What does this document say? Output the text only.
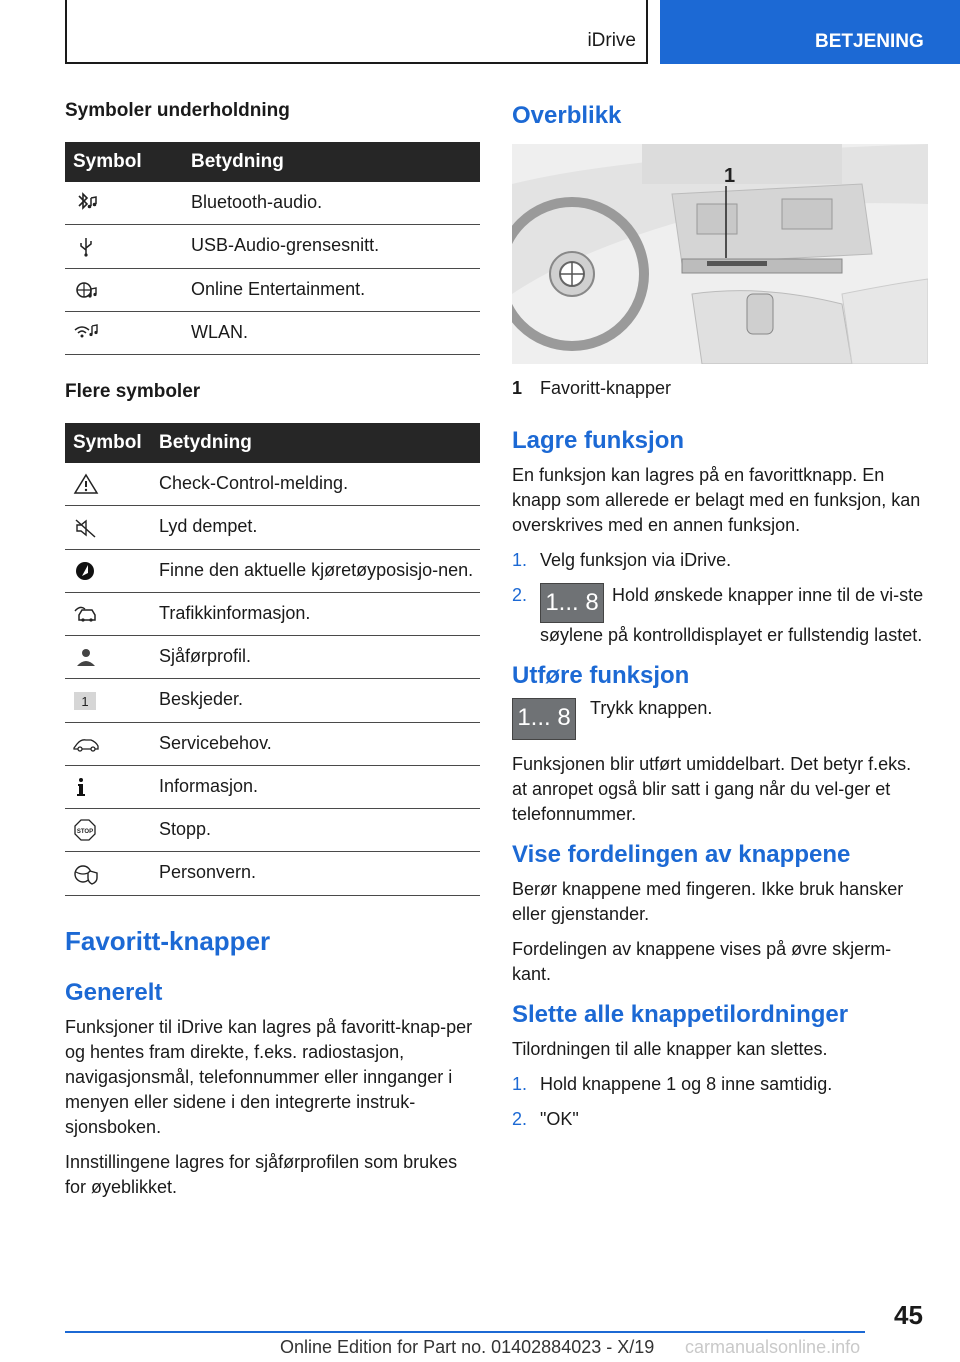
iDrive	BETJENING
Symboler underholdning
Symbol	Betydning

	Bluetooth-audio.

	USB-Audio-grensesnitt.

	Online Entertainment.

	WLAN.
Flere symboler
Symbol	Betydning

	Check-Control-melding.

	Lyd dempet.

	Finne den aktuelle kjøretøyposisjo-nen.

	Trafikkinformasjon.

	Sjåførprofil.

1	Beskjeder.

	Servicebehov.

	Informasjon.

STOP	Stopp.

	Personvern.
Favoritt-knapper
Generelt

Funksjoner til iDrive kan lagres på favoritt-knap-per og hentes fram direkte, f.eks. radiostasjon, navigasjonsmål, telefonnummer eller innganger i menyen eller sidene i den integrerte instruk-sjonsboken.

Innstillingene lagres for sjåførprofilen som brukes for øyeblikket.

Overblikk
1
1 Favoritt-knapper
Lagre funksjon

En funksjon kan lagres på en favorittknapp. En knapp som allerede er belagt med en funksjon, kan overskrives med en annen funksjon.

1. Velg funksjon via iDrive.
2. 1... 8 Hold ønskede knapper inne til de vi-ste søylene på kontrolldisplayet er fullstendig lastet.
Utføre funksjon
1... 8 Trykk knappen.

Funksjonen blir utført umiddelbart. Det betyr f.eks. at anropet også blir satt i gang når du vel-ger et telefonnummer.

Vise fordelingen av knappene

Berør knappene med fingeren. Ikke bruk hansker eller gjenstander.

Fordelingen av knappene vises på øvre skjerm-kant.

Slette alle knappetilordninger

Tilordningen til alle knapper kan slettes.

1. Hold knappene 1 og 8 inne samtidig.
2. "OK"
45
Online Edition for Part no. 01402884023 - X/19 carmanualsonline.info
